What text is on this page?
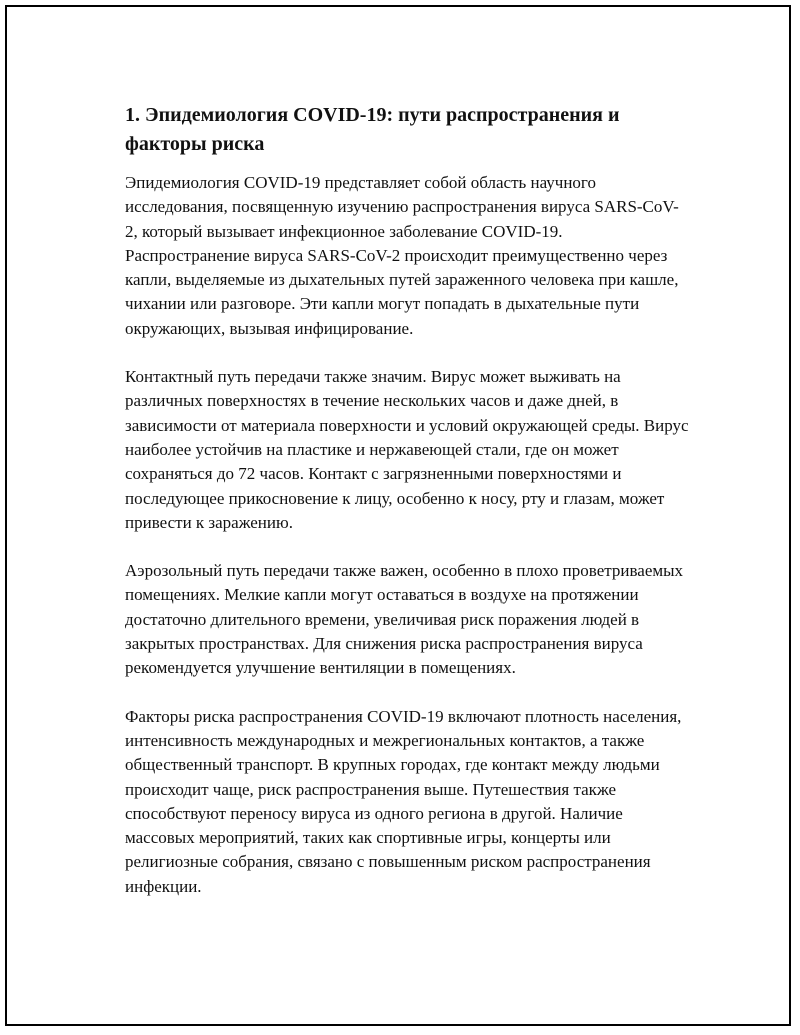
1. Эпидемиология COVID-19: пути распространения и факторы риска

Эпидемиология COVID-19 представляет собой область научного исследования, посвященную изучению распространения вируса SARS-CoV-2, который вызывает инфекционное заболевание COVID-19. Распространение вируса SARS-CoV-2 происходит преимущественно через капли, выделяемые из дыхательных путей зараженного человека при кашле, чихании или разговоре. Эти капли могут попадать в дыхательные пути окружающих, вызывая инфицирование.

Контактный путь передачи также значим. Вирус может выживать на различных поверхностях в течение нескольких часов и даже дней, в зависимости от материала поверхности и условий окружающей среды. Вирус наиболее устойчив на пластике и нержавеющей стали, где он может сохраняться до 72 часов. Контакт с загрязненными поверхностями и последующее прикосновение к лицу, особенно к носу, рту и глазам, может привести к заражению.

Аэрозольный путь передачи также важен, особенно в плохо проветриваемых помещениях. Мелкие капли могут оставаться в воздухе на протяжении достаточно длительного времени, увеличивая риск поражения людей в закрытых пространствах. Для снижения риска распространения вируса рекомендуется улучшение вентиляции в помещениях.

Факторы риска распространения COVID-19 включают плотность населения, интенсивность международных и межрегиональных контактов, а также общественный транспорт. В крупных городах, где контакт между людьми происходит чаще, риск распространения выше. Путешествия также способствуют переносу вируса из одного региона в другой. Наличие массовых мероприятий, таких как спортивные игры, концерты или религиозные собрания, связано с повышенным риском распространения инфекции.
